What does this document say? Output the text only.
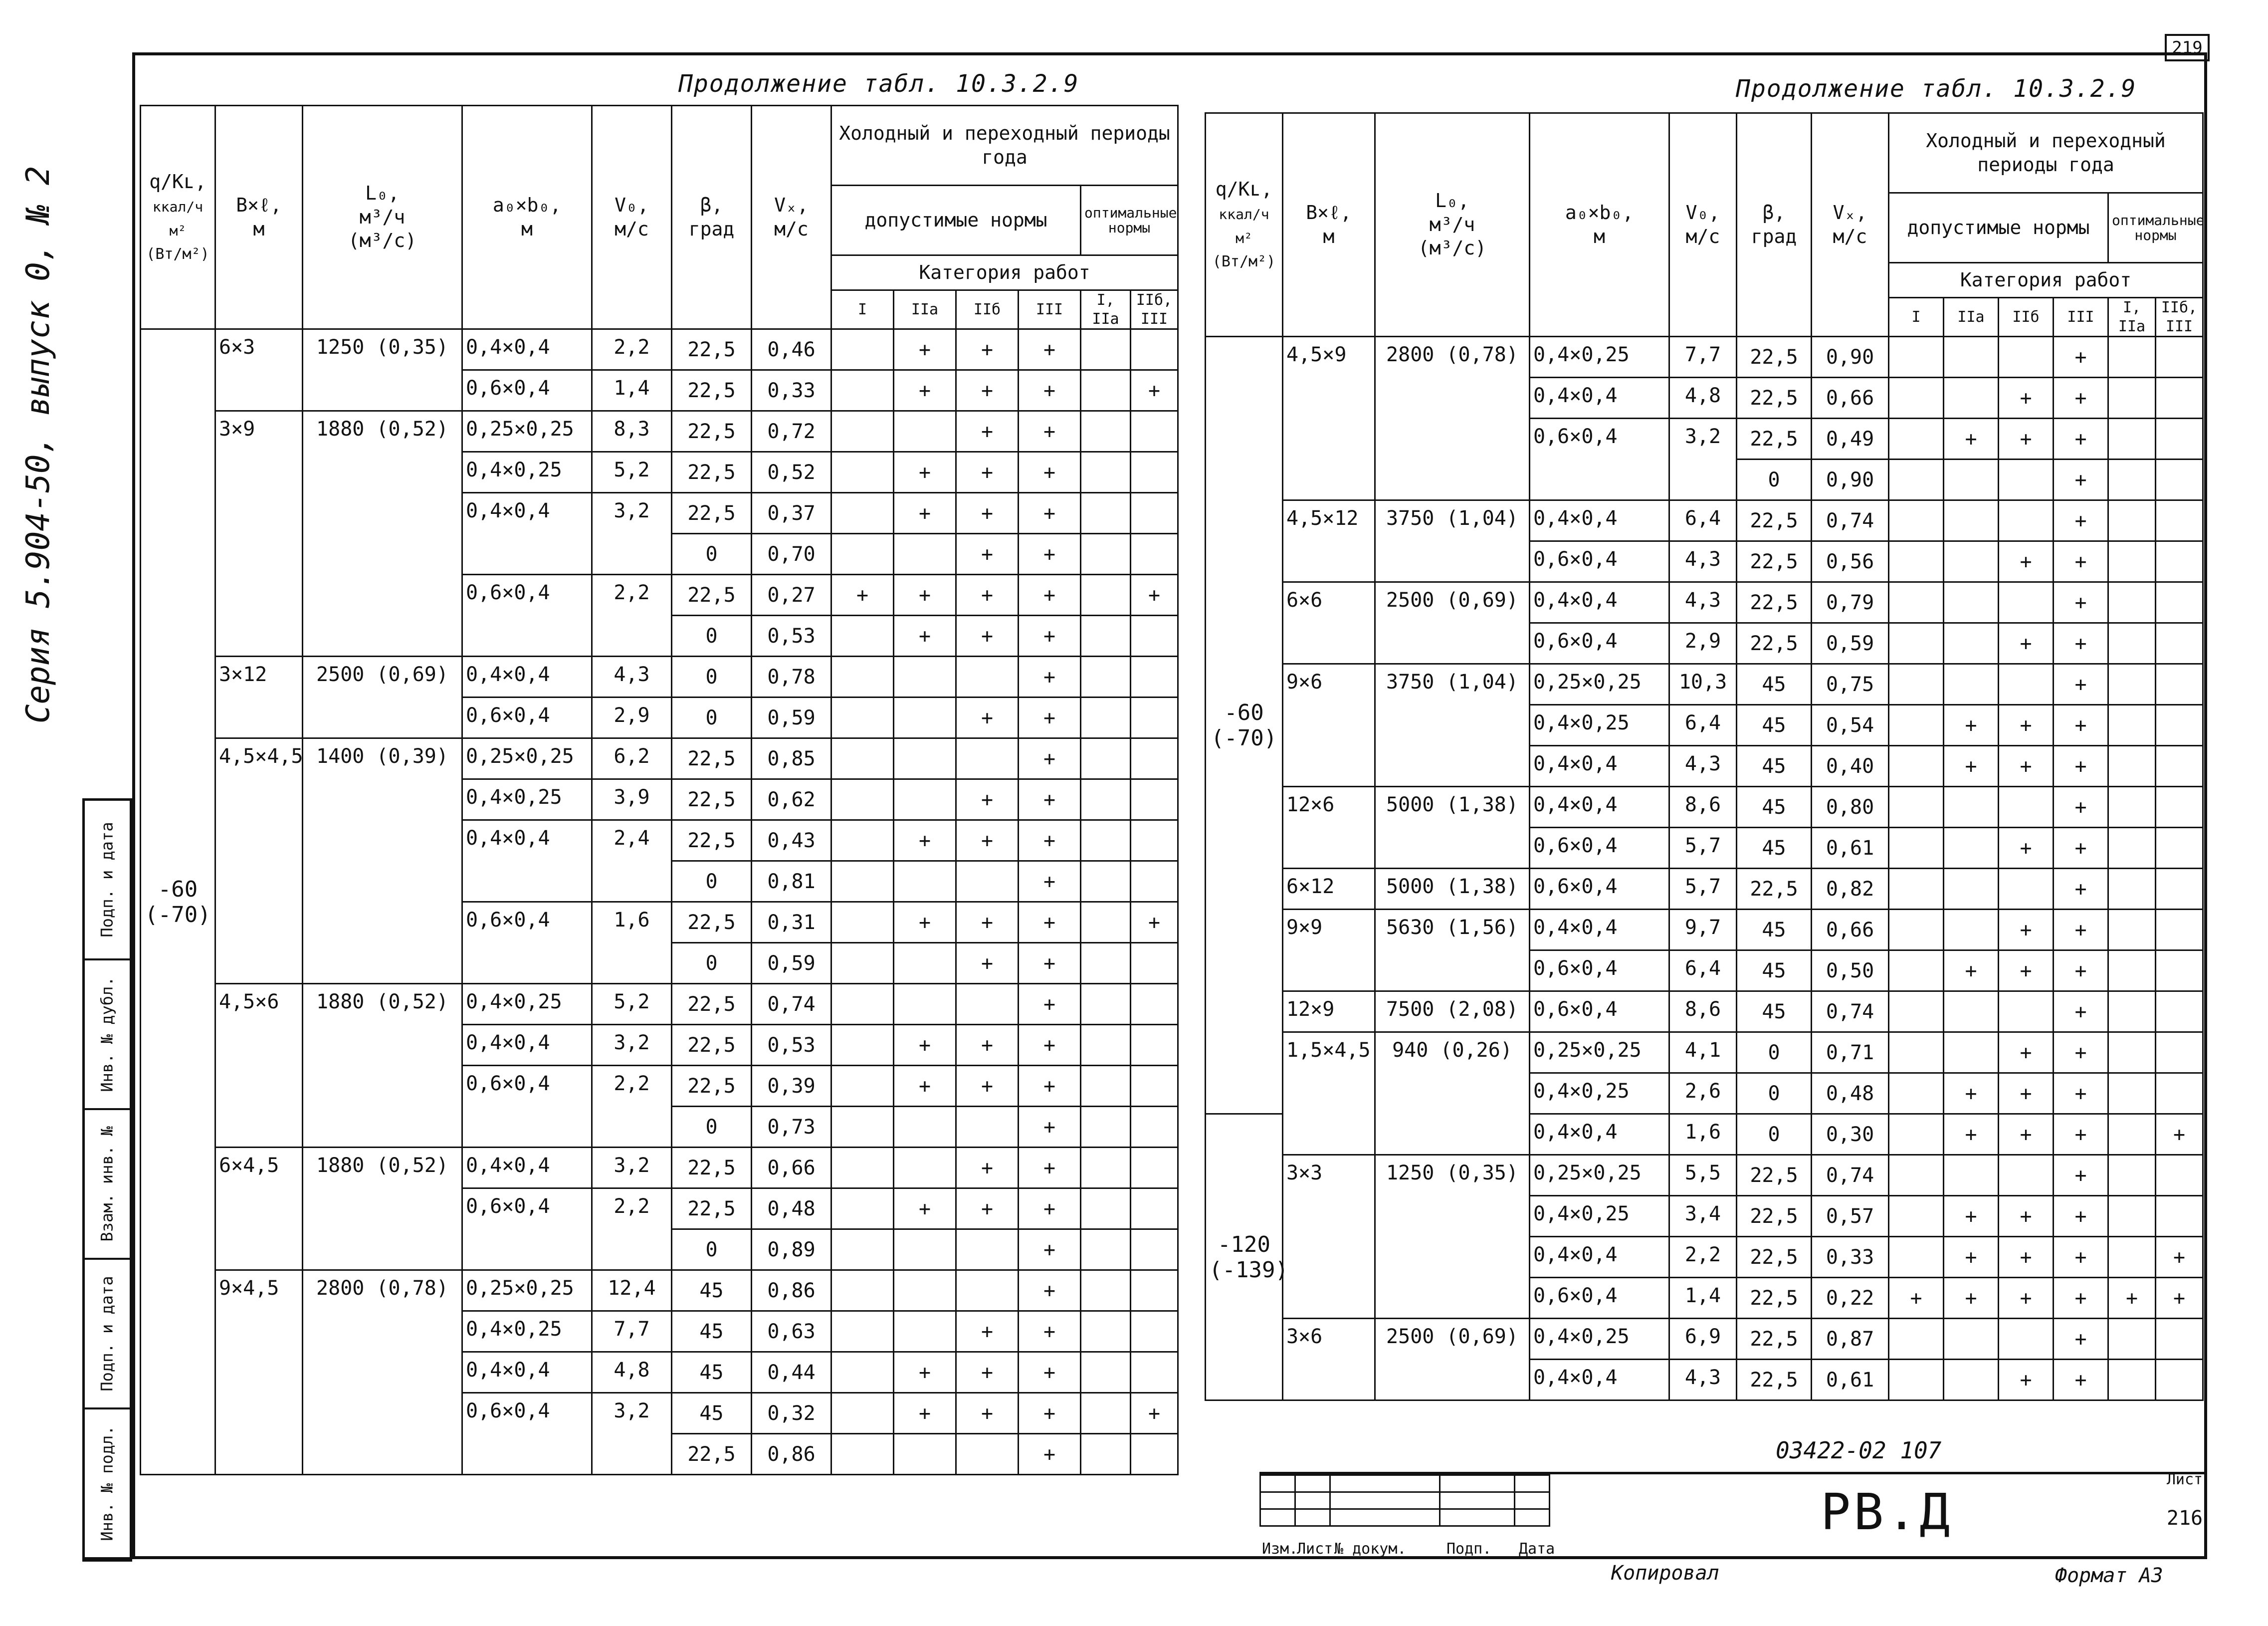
219
Серия 5.904-50, выпуск 0, № 2
Инв. № подл.
Подп. и дата
Взам. инв. №
Инв. № дубл.
Подп. и дата
Продолжение табл. 10.3.2.9	Продолжение табл. 10.3.2.9
q/Kʟ,
ккал/ч м²
(Вт/м²)	B×ℓ,
м	L₀,
м³/ч
(м³/с)	a₀×b₀,
м	V₀,
м/с	β,
град	Vₓ,
м/с	Холодный и переходный периоды года					
							допустимые нормы				оптимальные нормы	
							Категория работ					
							I	IIа	IIб	III	I, IIа	IIб, III

-60
(-70)	6×3	1250 (0,35)	0,4×0,4	2,2	22,5	0,46		+	+	+		
			0,6×0,4	1,4	22,5	0,33		+	+	+		+
	3×9	1880 (0,52)	0,25×0,25	8,3	22,5	0,72			+	+		
			0,4×0,25	5,2	22,5	0,52		+	+	+		
			0,4×0,4	3,2	22,5	0,37		+	+	+		
					0	0,70			+	+		
			0,6×0,4	2,2	22,5	0,27	+	+	+	+		+
					0	0,53		+	+	+		
	3×12	2500 (0,69)	0,4×0,4	4,3	0	0,78				+		
			0,6×0,4	2,9	0	0,59			+	+		
	4,5×4,5	1400 (0,39)	0,25×0,25	6,2	22,5	0,85				+		
			0,4×0,25	3,9	22,5	0,62			+	+		
			0,4×0,4	2,4	22,5	0,43		+	+	+		
					0	0,81				+		
			0,6×0,4	1,6	22,5	0,31		+	+	+		+
					0	0,59			+	+		
	4,5×6	1880 (0,52)	0,4×0,25	5,2	22,5	0,74				+		
			0,4×0,4	3,2	22,5	0,53		+	+	+		
			0,6×0,4	2,2	22,5	0,39		+	+	+		
					0	0,73				+		
	6×4,5	1880 (0,52)	0,4×0,4	3,2	22,5	0,66			+	+		
			0,6×0,4	2,2	22,5	0,48		+	+	+		
					0	0,89				+		
	9×4,5	2800 (0,78)	0,25×0,25	12,4	45	0,86				+		
			0,4×0,25	7,7	45	0,63			+	+		
			0,4×0,4	4,8	45	0,44		+	+	+		
			0,6×0,4	3,2	45	0,32		+	+	+		+
					22,5	0,86				+		
q/Kʟ,
ккал/ч м²
(Вт/м²)	B×ℓ,
м	L₀,
м³/ч
(м³/с)	a₀×b₀,
м	V₀,
м/с	β,
град	Vₓ,
м/с	Холодный и переходный периоды года					
							допустимые нормы				оптимальные нормы	
							Категория работ					
							I	IIа	IIб	III	I, IIа	IIб, III

-60
(-70)	4,5×9	2800 (0,78)	0,4×0,25	7,7	22,5	0,90				+		
			0,4×0,4	4,8	22,5	0,66			+	+		
			0,6×0,4	3,2	22,5	0,49		+	+	+		
					0	0,90				+		
	4,5×12	3750 (1,04)	0,4×0,4	6,4	22,5	0,74				+		
			0,6×0,4	4,3	22,5	0,56			+	+		
	6×6	2500 (0,69)	0,4×0,4	4,3	22,5	0,79				+		
			0,6×0,4	2,9	22,5	0,59			+	+		
	9×6	3750 (1,04)	0,25×0,25	10,3	45	0,75				+		
			0,4×0,25	6,4	45	0,54		+	+	+		
			0,4×0,4	4,3	45	0,40		+	+	+		
	12×6	5000 (1,38)	0,4×0,4	8,6	45	0,80				+		
			0,6×0,4	5,7	45	0,61			+	+		
	6×12	5000 (1,38)	0,6×0,4	5,7	22,5	0,82				+		
	9×9	5630 (1,56)	0,4×0,4	9,7	45	0,66			+	+		
			0,6×0,4	6,4	45	0,50		+	+	+		
	12×9	7500 (2,08)	0,6×0,4	8,6	45	0,74				+		
	1,5×4,5	940 (0,26)	0,25×0,25	4,1	0	0,71			+	+		
			0,4×0,25	2,6	0	0,48		+	+	+		

-120
(-139)			0,4×0,4	1,6	0	0,30		+	+	+		+
	3×3	1250 (0,35)	0,25×0,25	5,5	22,5	0,74				+		
			0,4×0,25	3,4	22,5	0,57		+	+	+		
			0,4×0,4	2,2	22,5	0,33		+	+	+		+
			0,6×0,4	1,4	22,5	0,22	+	+	+	+	+	+
	3×6	2500 (0,69)	0,4×0,25	6,9	22,5	0,87				+		
			0,4×0,4	4,3	22,5	0,61			+	+		
03422-02 107

Изм.
Лист № докум.	Подп. Дата
РВ.Д
Лист
216
Копировал	Формат А3
